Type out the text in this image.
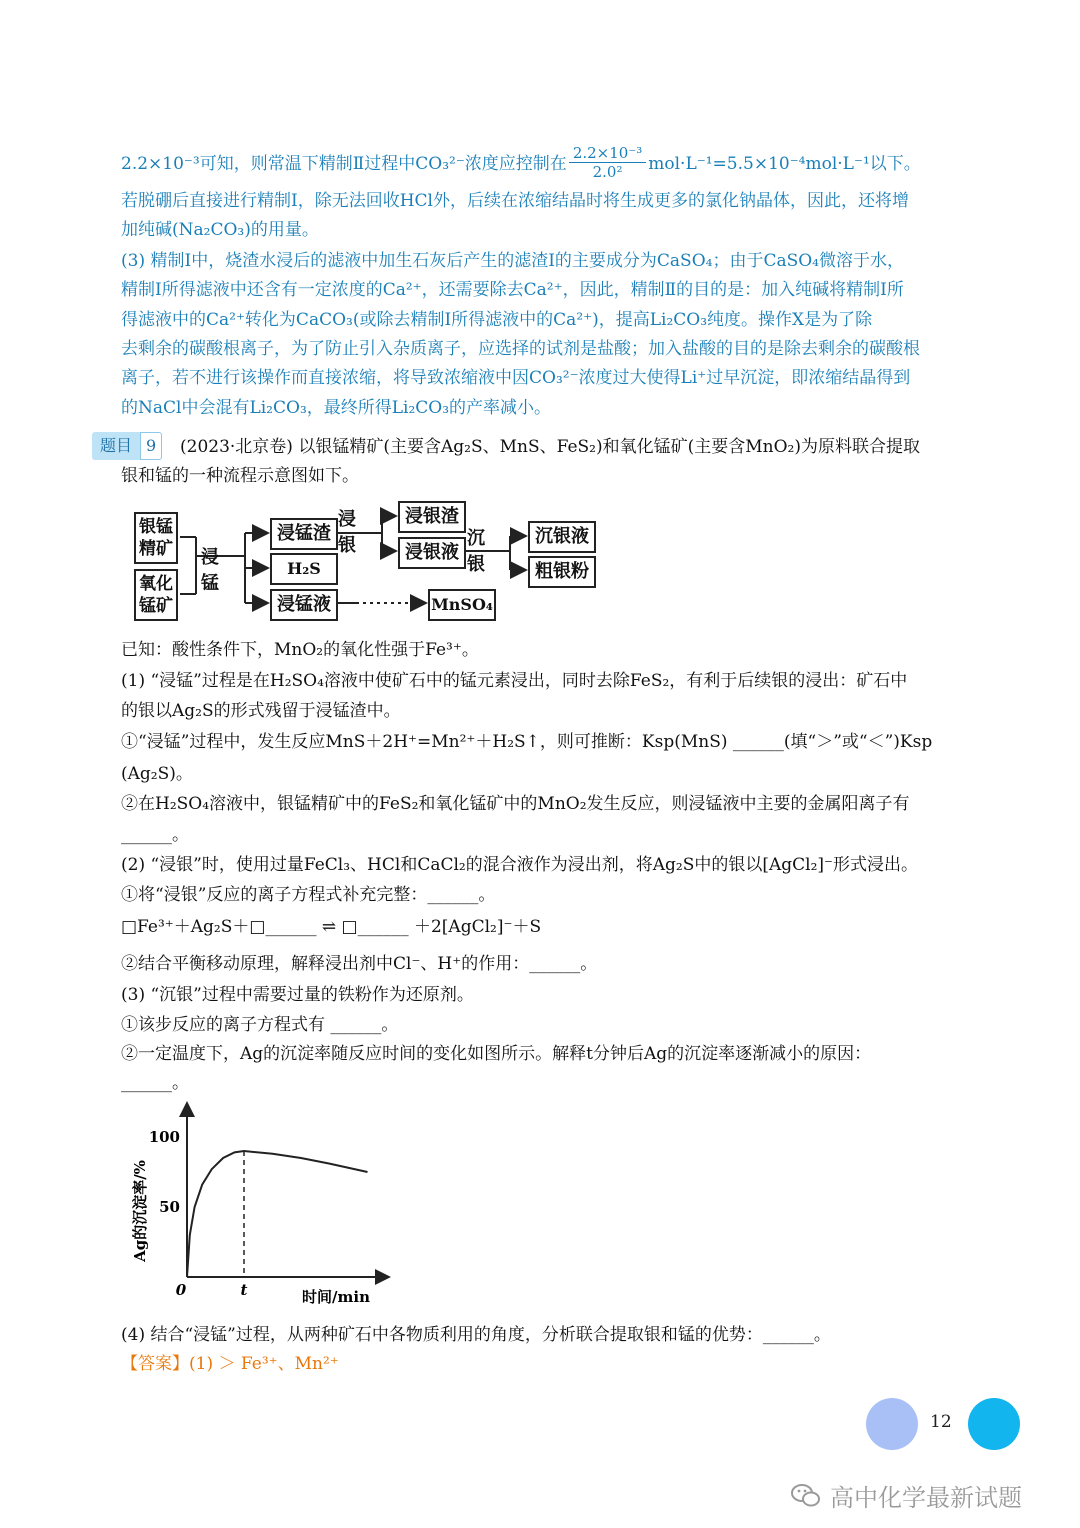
2.2×10⁻³可知，则常温下精制Ⅱ过程中CO₃²⁻浓度应控制在 $\frac{\text{2.2×10⁻³}}{\text{2.0²}} mol\cdot L^{-1}=5.5\times 10^{-4}mol\cdot L^{-1}$以下。
若脱硼后直接进行精制Ⅰ，除无法回收HCl外，后续在浓缩结晶时将生成更多的氯化钠晶体，因此，还将增
加纯碱(Na₂CO₃)的用量。
(3) 精制Ⅰ中，烧渣水浸后的滤液中加生石灰后产生的滤渣Ⅰ的主要成分为CaSO₄；由于CaSO₄微溶于水，
精制Ⅰ所得滤液中还含有一定浓度的Ca²⁺，还需要除去Ca²⁺，因此，精制Ⅱ的目的是：加入纯碱将精制Ⅰ所
得滤液中的Ca²⁺转化为CaCO₃(或除去精制Ⅰ所得滤液中的Ca²⁺)，提高Li₂CO₃纯度。操作X是为了除
去剩余的碳酸根离子，为了防止引入杂质离子，应选择的试剂是盐酸；加入盐酸的目的是除去剩余的碳酸根
离子，若不进行该操作而直接浓缩，将导致浓缩液中因CO₃²⁻浓度过大使得Li⁺过早沉淀，即浓缩结晶得到
的NaCl中会混有Li₂CO₃，最终所得Li₂CO₃的产率减小。
题目 9	(2023·北京卷) 以银锰精矿(主要含Ag₂S、MnS、FeS₂)和氧化锰矿(主要含MnO₂)为原料联合提取
银和锰的一种流程示意图如下。
银锰精矿
氧化锰矿
浸锰
浸锰渣
H₂S
浸锰液
浸银
浸银渣
浸银液
沉银
沉银液
粗银粉
MnSO₄
已知：酸性条件下，MnO₂的氧化性强于Fe³⁺。
(1) “浸锰”过程是在H₂SO₄溶液中使矿石中的锰元素浸出，同时去除FeS₂，有利于后续银的浸出：矿石中
的银以Ag₂S的形式残留于浸锰渣中。
①“浸锰”过程中，发生反应MnS＋2H⁺=Mn²⁺＋H₂S↑，则可推断：Ksp(MnS) ______(填“＞”或“＜”)Ksp
(Ag₂S)。
②在H₂SO₄溶液中，银锰精矿中的FeS₂和氧化锰矿中的MnO₂发生反应，则浸锰液中主要的金属阳离子有
______。
(2) “浸银”时，使用过量FeCl₃、HCl和CaCl₂的混合液作为浸出剂，将Ag₂S中的银以[AgCl₂]⁻形式浸出。
①将“浸银”反应的离子方程式补充完整：______。
□Fe³⁺＋Ag₂S＋□______ ⇌ □______ ＋2[AgCl₂]⁻＋S
②结合平衡移动原理，解释浸出剂中Cl⁻、H⁺的作用：______。
(3) “沉银”过程中需要过量的铁粉作为还原剂。
①该步反应的离子方程式有 ______。
②一定温度下，Ag的沉淀率随反应时间的变化如图所示。解释t分钟后Ag的沉淀率逐渐减小的原因：
______。
50
100
0	t	时间/min
Ag的沉淀率/%
(4) 结合“浸锰”过程，从两种矿石中各物质利用的角度，分析联合提取银和锰的优势：______。
【答案】(1) ＞ Fe³⁺、Mn²⁺
12
高中化学最新试题
